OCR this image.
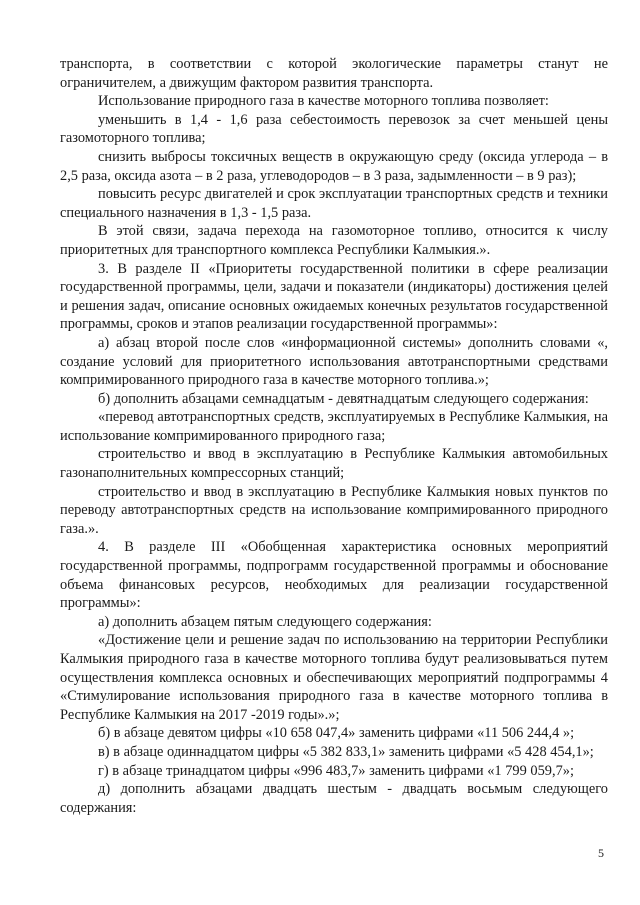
транспорта, в соответствии с которой экологические параметры станут не ограничителем, а движущим фактором развития транспорта.

Использование природного газа в качестве моторного топлива позволяет:

уменьшить в 1,4 - 1,6 раза себестоимость перевозок за счет меньшей цены газомоторного топлива;

снизить выбросы токсичных веществ в окружающую среду (оксида углерода – в 2,5 раза, оксида азота – в 2 раза, углеводородов – в 3 раза, задымленности – в 9 раз);

повысить ресурс двигателей и срок эксплуатации транспортных средств и техники специального назначения в 1,3 - 1,5 раза.

В этой связи, задача перехода на газомоторное топливо, относится к числу приоритетных для транспортного комплекса Республики Калмыкия.».

3. В разделе II «Приоритеты государственной политики в сфере реализации государственной программы, цели, задачи и показатели (индикаторы) достижения целей и решения задач, описание основных ожидаемых конечных результатов государственной программы, сроков и этапов реализации государственной программы»:

а) абзац второй после слов «информационной системы» дополнить словами «, создание условий для приоритетного использования автотранспортными средствами компримированного природного газа в качестве моторного топлива.»;

б) дополнить абзацами семнадцатым - девятнадцатым следующего содержания:

«перевод автотранспортных средств, эксплуатируемых в Республике Калмыкия, на использование компримированного природного газа;

строительство и ввод в эксплуатацию в Республике Калмыкия автомобильных газонаполнительных компрессорных станций;

строительство и ввод в эксплуатацию в Республике Калмыкия новых пунктов по переводу автотранспортных средств на использование компримированного природного газа.».

4. В разделе III «Обобщенная характеристика основных мероприятий государственной программы, подпрограмм государственной программы и обоснование объема финансовых ресурсов, необходимых для реализации государственной программы»:

а) дополнить абзацем пятым следующего содержания:

«Достижение цели и решение задач по использованию на территории Республики Калмыкия природного газа в качестве моторного топлива будут реализовываться путем осуществления комплекса основных и обеспечивающих мероприятий подпрограммы 4 «Стимулирование использования природного газа в качестве моторного топлива в Республике Калмыкия на 2017 -2019 годы».»;

б) в абзаце девятом цифры «10 658 047,4» заменить цифрами «11 506 244,4 »;

в) в абзаце одиннадцатом цифры «5 382 833,1» заменить цифрами «5 428 454,1»;

г) в абзаце тринадцатом цифры «996 483,7» заменить цифрами «1 799 059,7»;

д) дополнить абзацами двадцать шестым - двадцать восьмым следующего содержания:

5
